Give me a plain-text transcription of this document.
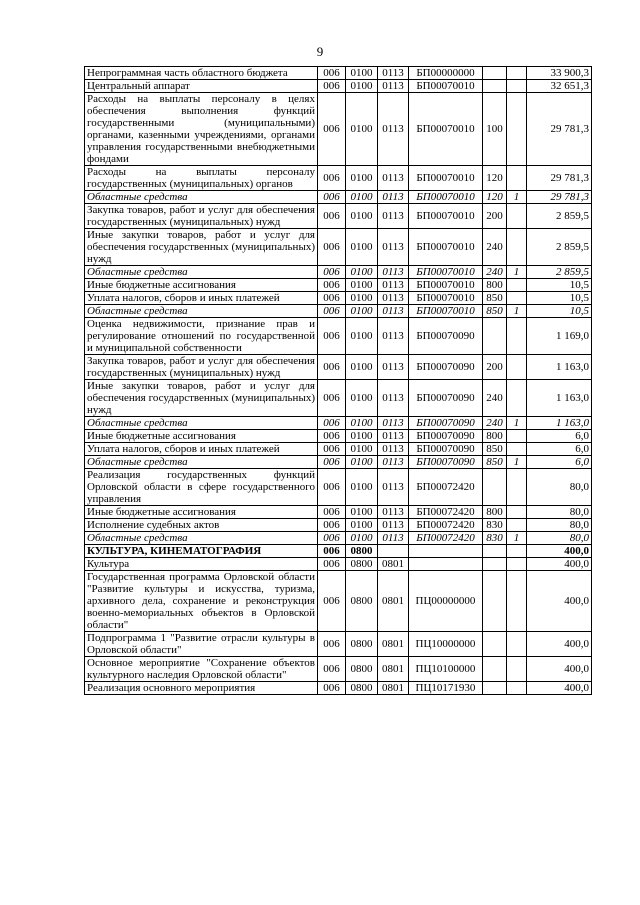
9
Непрограммная часть областного бюджета	006	0100	0113	БП00000000			33 900,3
Центральный аппарат	006	0100	0113	БП00070010			32 651,3
Расходы на выплаты персоналу в целях обеспечения выполнения функций государственными (муниципальными) органами, казенными учреждениями, органами управления государственными внебюджетными фондами	006	0100	0113	БП00070010	100		29 781,3
Расходы на выплаты персоналу государственных (муниципальных) органов	006	0100	0113	БП00070010	120		29 781,3
Областные средства	006	0100	0113	БП00070010	120	1	29 781,3
Закупка товаров, работ и услуг для обеспечения государственных (муниципальных) нужд	006	0100	0113	БП00070010	200		2 859,5
Иные закупки товаров, работ и услуг для обеспечения государственных (муниципальных) нужд	006	0100	0113	БП00070010	240		2 859,5
Областные средства	006	0100	0113	БП00070010	240	1	2 859,5
Иные бюджетные ассигнования	006	0100	0113	БП00070010	800		10,5
Уплата налогов, сборов и иных платежей	006	0100	0113	БП00070010	850		10,5
Областные средства	006	0100	0113	БП00070010	850	1	10,5
Оценка недвижимости, признание прав и регулирование отношений по государственной и муниципальной собственности	006	0100	0113	БП00070090			1 169,0
Закупка товаров, работ и услуг для обеспечения государственных (муниципальных) нужд	006	0100	0113	БП00070090	200		1 163,0
Иные закупки товаров, работ и услуг для обеспечения государственных (муниципальных) нужд	006	0100	0113	БП00070090	240		1 163,0
Областные средства	006	0100	0113	БП00070090	240	1	1 163,0
Иные бюджетные ассигнования	006	0100	0113	БП00070090	800		6,0
Уплата налогов, сборов и иных платежей	006	0100	0113	БП00070090	850		6,0
Областные средства	006	0100	0113	БП00070090	850	1	6,0
Реализация государственных функций Орловской области в сфере государственного управления	006	0100	0113	БП00072420			80,0
Иные бюджетные ассигнования	006	0100	0113	БП00072420	800		80,0
Исполнение судебных актов	006	0100	0113	БП00072420	830		80,0
Областные средства	006	0100	0113	БП00072420	830	1	80,0
КУЛЬТУРА, КИНЕМАТОГРАФИЯ	006	0800					400,0
Культура	006	0800	0801				400,0
Государственная программа Орловской области "Развитие культуры и искусства, туризма, архивного дела, сохранение и реконструкция военно-мемориальных объектов в Орловской области"	006	0800	0801	ПЦ00000000			400,0
Подпрограмма 1 "Развитие отрасли культуры в Орловской области"	006	0800	0801	ПЦ10000000			400,0
Основное мероприятие "Сохранение объектов культурного наследия Орловской области"	006	0800	0801	ПЦ10100000			400,0
Реализация основного мероприятия	006	0800	0801	ПЦ10171930			400,0
